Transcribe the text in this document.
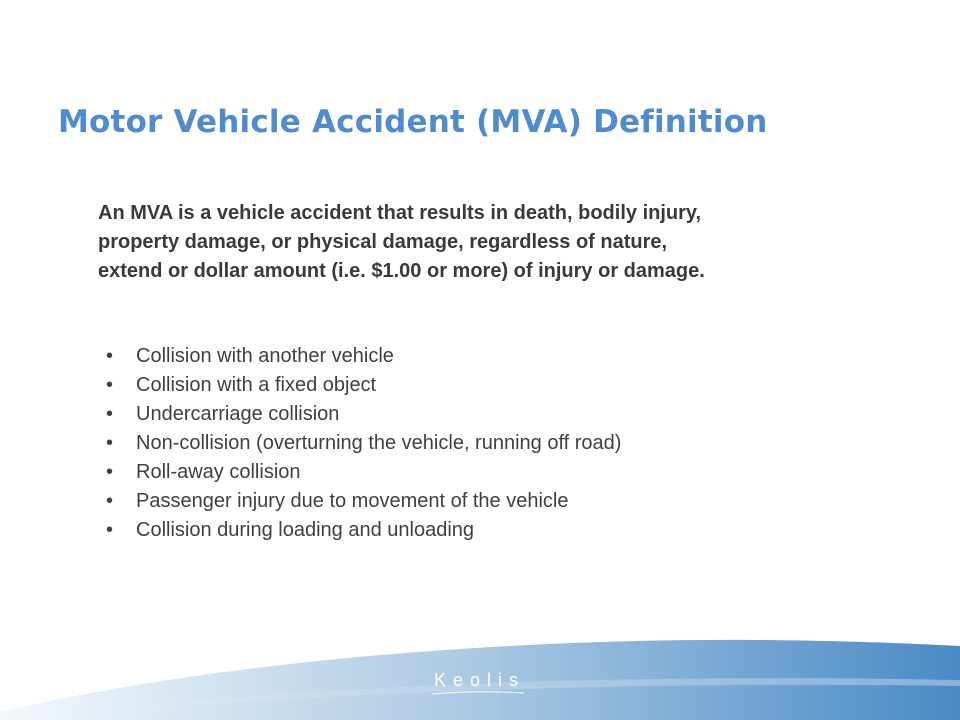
Motor Vehicle Accident (MVA) Definition

An MVA is a vehicle accident that results in death, bodily injury,
property damage, or physical damage, regardless of nature,
extend or dollar amount (i.e. $1.00 or more) of injury or damage.

• Collision with another vehicle
• Collision with a fixed object
• Undercarriage collision
• Non-collision (overturning the vehicle, running off road)
• Roll-away collision
• Passenger injury due to movement of the vehicle
• Collision during loading and unloading
Keolis
